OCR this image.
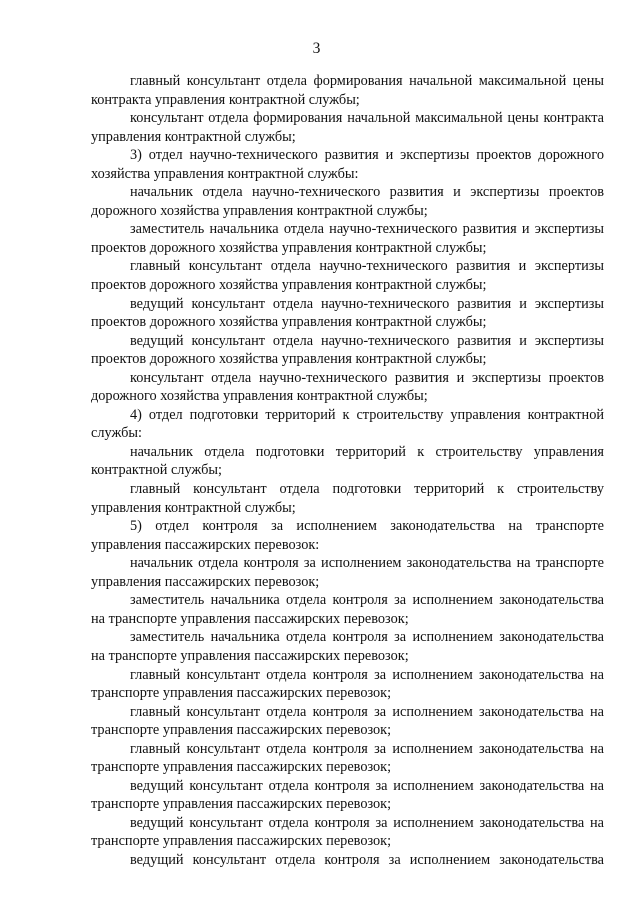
3

главный консультант отдела формирования начальной максимальной цены контракта управления контрактной службы;

консультант отдела формирования начальной максимальной цены контракта управления контрактной службы;

3) отдел научно-технического развития и экспертизы проектов дорожного хозяйства управления контрактной службы:

начальник отдела научно-технического развития и экспертизы проектов дорожного хозяйства управления контрактной службы;

заместитель начальника отдела научно-технического развития и экспертизы проектов дорожного хозяйства управления контрактной службы;

главный консультант отдела научно-технического развития и экспертизы проектов дорожного хозяйства управления контрактной службы;

ведущий консультант отдела научно-технического развития и экспертизы проектов дорожного хозяйства управления контрактной службы;

ведущий консультант отдела научно-технического развития и экспертизы проектов дорожного хозяйства управления контрактной службы;

консультант отдела научно-технического развития и экспертизы проектов дорожного хозяйства управления контрактной службы;

4) отдел подготовки территорий к строительству управления контрактной службы:

начальник отдела подготовки территорий к строительству управления контрактной службы;

главный консультант отдела подготовки территорий к строительству управления контрактной службы;

5) отдел контроля за исполнением законодательства на транспорте управления пассажирских перевозок:

начальник отдела контроля за исполнением законодательства на транспорте управления пассажирских перевозок;

заместитель начальника отдела контроля за исполнением законодательства на транспорте управления пассажирских перевозок;

заместитель начальника отдела контроля за исполнением законодательства на транспорте управления пассажирских перевозок;

главный консультант отдела контроля за исполнением законодательства на транспорте управления пассажирских перевозок;

главный консультант отдела контроля за исполнением законодательства на транспорте управления пассажирских перевозок;

главный консультант отдела контроля за исполнением законодательства на транспорте управления пассажирских перевозок;

ведущий консультант отдела контроля за исполнением законодательства на транспорте управления пассажирских перевозок;

ведущий консультант отдела контроля за исполнением законодательства на транспорте управления пассажирских перевозок;

ведущий консультант отдела контроля за исполнением законодательства
